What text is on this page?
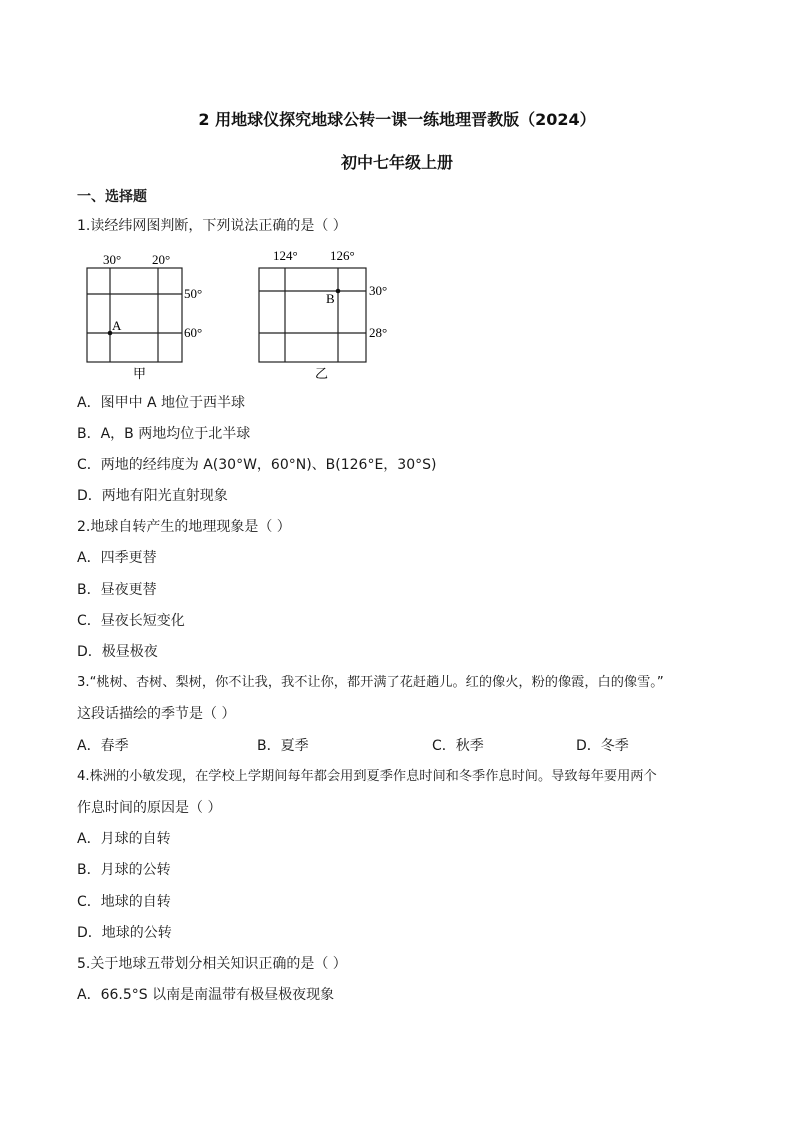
2 用地球仪探究地球公转一课一练地理晋教版（2024）
初中七年级上册
一、选择题
1.读经纬网图判断，下列说法正确的是（ ）
30° 20°
50°
60°
A
甲
124° 126°
30°
28°
B
乙
A．图甲中 A 地位于西半球
B．A，B 两地均位于北半球
C．两地的经纬度为 A(30°W，60°N)、B(126°E，30°S)
D．两地有阳光直射现象
2.地球自转产生的地理现象是（ ）
A．四季更替
B．昼夜更替
C．昼夜长短变化
D．极昼极夜
3.“桃树、杏树、梨树，你不让我，我不让你，都开满了花赶趟儿。红的像火，粉的像霞，白的像雪。”
这段话描绘的季节是（ ）
A．春季	B．夏季	C．秋季	D．冬季
4.株洲的小敏发现，在学校上学期间每年都会用到夏季作息时间和冬季作息时间。导致每年要用两个
作息时间的原因是（ ）
A．月球的自转
B．月球的公转
C．地球的自转
D．地球的公转
5.关于地球五带划分相关知识正确的是（ ）
A．66.5°S 以南是南温带有极昼极夜现象
